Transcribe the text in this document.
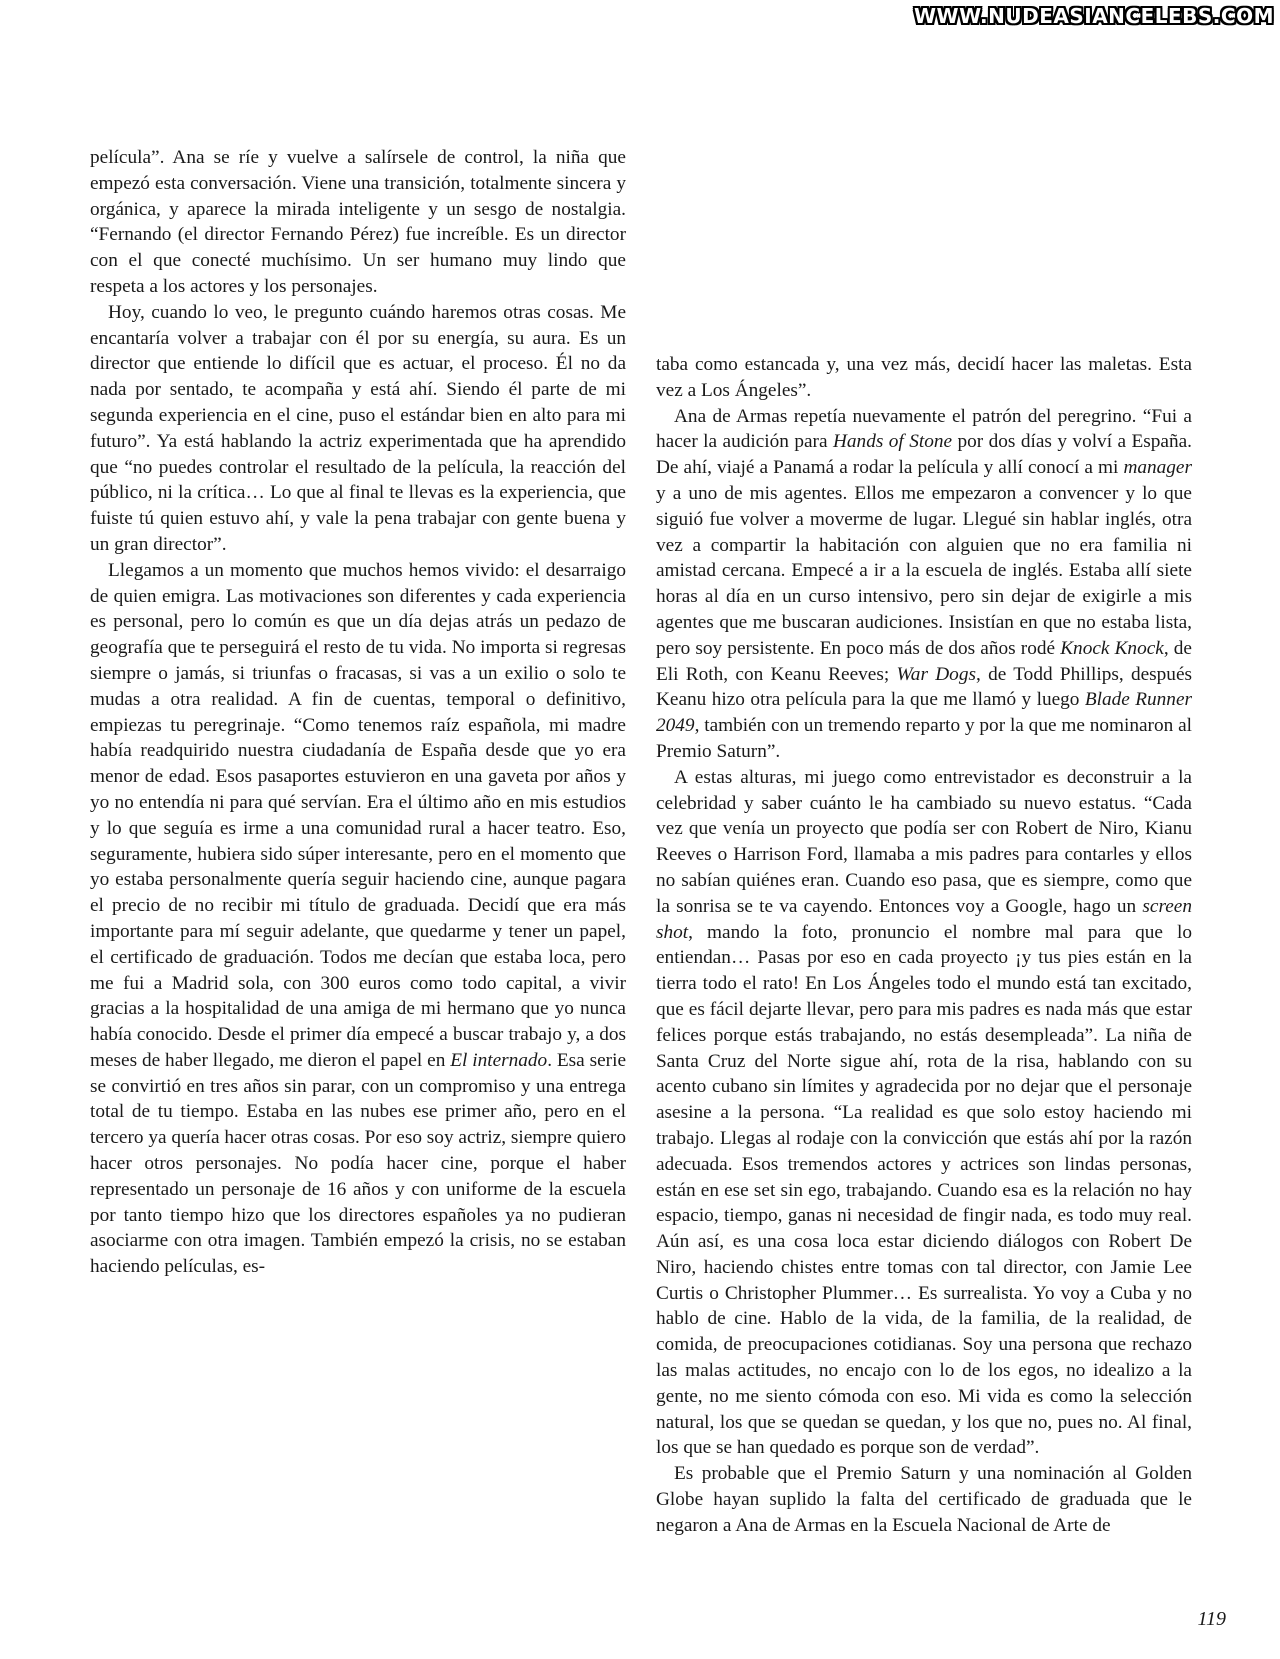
WWW.NUDEASIANCELEBS.COM

película”. Ana se ríe y vuelve a salírsele de control, la niña que empezó esta conversación. Viene una transición, totalmente sincera y orgánica, y aparece la mirada inteligente y un sesgo de nostalgia. “Fernando (el director Fernando Pérez) fue increíble. Es un director con el que conecté muchísimo. Un ser humano muy lindo que respeta a los actores y los personajes.

Hoy, cuando lo veo, le pregunto cuándo haremos otras cosas. Me encantaría volver a trabajar con él por su energía, su aura. Es un director que entiende lo difícil que es actuar, el proceso. Él no da nada por sentado, te acompaña y está ahí. Siendo él parte de mi segunda experiencia en el cine, puso el estándar bien en alto para mi futuro”. Ya está hablando la actriz experimentada que ha aprendido que “no puedes controlar el resultado de la película, la reacción del público, ni la crítica… Lo que al final te llevas es la experiencia, que fuiste tú quien estuvo ahí, y vale la pena trabajar con gente buena y un gran director”.

Llegamos a un momento que muchos hemos vivido: el desarraigo de quien emigra. Las motivaciones son diferentes y cada experiencia es personal, pero lo común es que un día dejas atrás un pedazo de geografía que te perseguirá el resto de tu vida. No importa si regresas siempre o jamás, si triunfas o fracasas, si vas a un exilio o solo te mudas a otra realidad. A fin de cuentas, temporal o definitivo, empiezas tu peregrinaje. “Como tenemos raíz española, mi madre había readquirido nuestra ciudadanía de España desde que yo era menor de edad. Esos pasaportes estuvieron en una gaveta por años y yo no entendía ni para qué servían. Era el último año en mis estudios y lo que seguía es irme a una comunidad rural a hacer teatro. Eso, seguramente, hubiera sido súper interesante, pero en el momento que yo estaba personalmente quería seguir haciendo cine, aunque pagara el precio de no recibir mi título de graduada. Decidí que era más importante para mí seguir adelante, que quedarme y tener un papel, el certificado de graduación. Todos me decían que estaba loca, pero me fui a Madrid sola, con 300 euros como todo capital, a vivir gracias a la hospitalidad de una amiga de mi hermano que yo nunca había conocido. Desde el primer día empecé a buscar trabajo y, a dos meses de haber llegado, me dieron el papel en El internado. Esa serie se convirtió en tres años sin parar, con un compromiso y una entrega total de tu tiempo. Estaba en las nubes ese primer año, pero en el tercero ya quería hacer otras cosas. Por eso soy actriz, siempre quiero hacer otros personajes. No podía hacer cine, porque el haber representado un personaje de 16 años y con uniforme de la escuela por tanto tiempo hizo que los directores españoles ya no pudieran asociarme con otra imagen. También empezó la crisis, no se estaban haciendo películas, es-

taba como estancada y, una vez más, decidí hacer las maletas. Esta vez a Los Ángeles”.

Ana de Armas repetía nuevamente el patrón del peregrino. “Fui a hacer la audición para Hands of Stone por dos días y volví a España. De ahí, viajé a Panamá a rodar la película y allí conocí a mi manager y a uno de mis agentes. Ellos me empezaron a convencer y lo que siguió fue volver a moverme de lugar. Llegué sin hablar inglés, otra vez a compartir la habitación con alguien que no era familia ni amistad cercana. Empecé a ir a la escuela de inglés. Estaba allí siete horas al día en un curso intensivo, pero sin dejar de exigirle a mis agentes que me buscaran audiciones. Insistían en que no estaba lista, pero soy persistente. En poco más de dos años rodé Knock Knock, de Eli Roth, con Keanu Reeves; War Dogs, de Todd Phillips, después Keanu hizo otra película para la que me llamó y luego Blade Runner 2049, también con un tremendo reparto y por la que me nominaron al Premio Saturn”.

A estas alturas, mi juego como entrevistador es deconstruir a la celebridad y saber cuánto le ha cambiado su nuevo estatus. “Cada vez que venía un proyecto que podía ser con Robert de Niro, Kianu Reeves o Harrison Ford, llamaba a mis padres para contarles y ellos no sabían quiénes eran. Cuando eso pasa, que es siempre, como que la sonrisa se te va cayendo. Entonces voy a Google, hago un screen shot, mando la foto, pronuncio el nombre mal para que lo entiendan… Pasas por eso en cada proyecto ¡y tus pies están en la tierra todo el rato! En Los Ángeles todo el mundo está tan excitado, que es fácil dejarte llevar, pero para mis padres es nada más que estar felices porque estás trabajando, no estás desempleada”. La niña de Santa Cruz del Norte sigue ahí, rota de la risa, hablando con su acento cubano sin límites y agradecida por no dejar que el personaje asesine a la persona. “La realidad es que solo estoy haciendo mi trabajo. Llegas al rodaje con la convicción que estás ahí por la razón adecuada. Esos tremendos actores y actrices son lindas personas, están en ese set sin ego, trabajando. Cuando esa es la relación no hay espacio, tiempo, ganas ni necesidad de fingir nada, es todo muy real. Aún así, es una cosa loca estar diciendo diálogos con Robert De Niro, haciendo chistes entre tomas con tal director, con Jamie Lee Curtis o Christopher Plummer… Es surrealista. Yo voy a Cuba y no hablo de cine. Hablo de la vida, de la familia, de la realidad, de comida, de preocupaciones cotidianas. Soy una persona que rechazo las malas actitudes, no encajo con lo de los egos, no idealizo a la gente, no me siento cómoda con eso. Mi vida es como la selección natural, los que se quedan se quedan, y los que no, pues no. Al final, los que se han quedado es porque son de verdad”.

Es probable que el Premio Saturn y una nominación al Golden Globe hayan suplido la falta del certificado de graduada que le negaron a Ana de Armas en la Escuela Nacional de Arte de

119
